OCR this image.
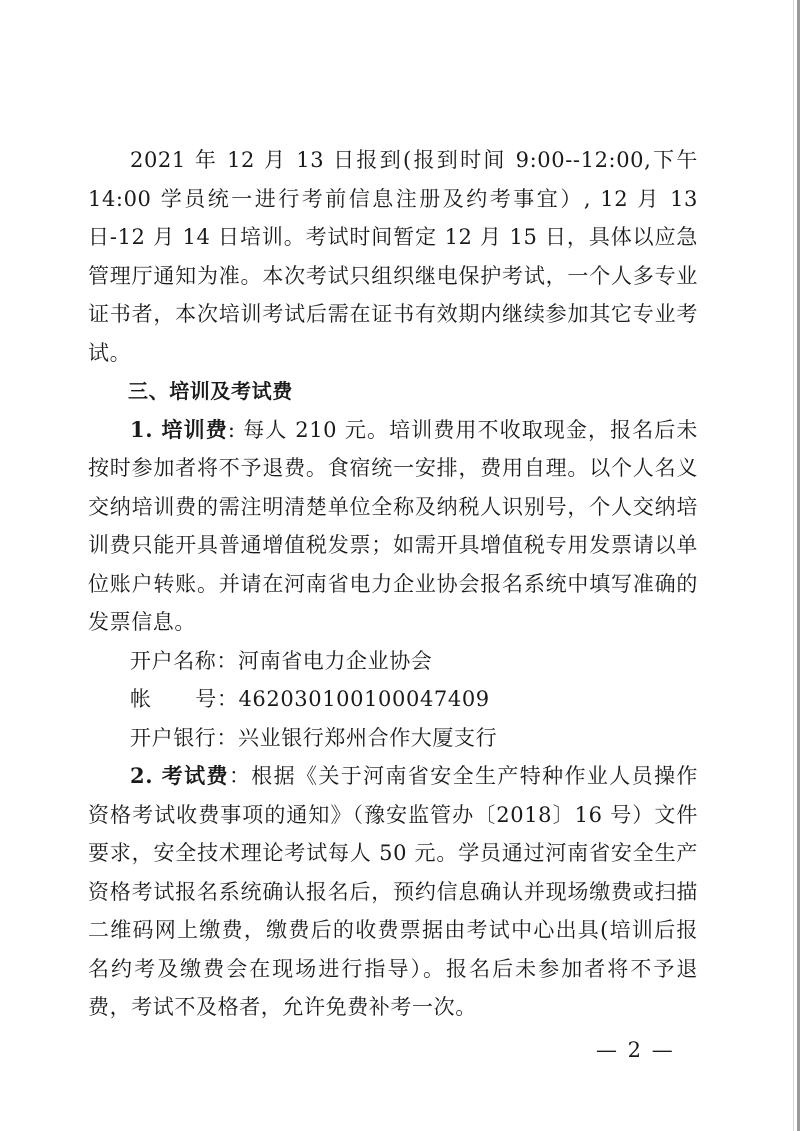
2021 年 12 月 13 日报到(报到时间 9:00--12:00,下午 14:00 学员统一进行考前信息注册及约考事宜）, 12 月 13 日-12 月 14 日培训。考试时间暂定 12 月 15 日，具体以应急管理厅通知为准。本次考试只组织继电保护考试，一个人多专业证书者，本次培训考试后需在证书有效期内继续参加其它专业考试。

三、培训及考试费

1. 培训费: 每人 210 元。培训费用不收取现金，报名后未按时参加者将不予退费。食宿统一安排，费用自理。以个人名义交纳培训费的需注明清楚单位全称及纳税人识别号，个人交纳培训费只能开具普通增值税发票；如需开具增值税专用发票请以单位账户转账。并请在河南省电力企业协会报名系统中填写准确的发票信息。

开户名称：河南省电力企业协会

帐      号：462030100100047409

开户银行：兴业银行郑州合作大厦支行

2. 考试费：根据《关于河南省安全生产特种作业人员操作资格考试收费事项的通知》（豫安监管办〔2018〕16 号）文件要求，安全技术理论考试每人 50 元。学员通过河南省安全生产资格考试报名系统确认报名后，预约信息确认并现场缴费或扫描二维码网上缴费，缴费后的收费票据由考试中心出具(培训后报名约考及缴费会在现场进行指导）。报名后未参加者将不予退费，考试不及格者，允许免费补考一次。

— 2 —
